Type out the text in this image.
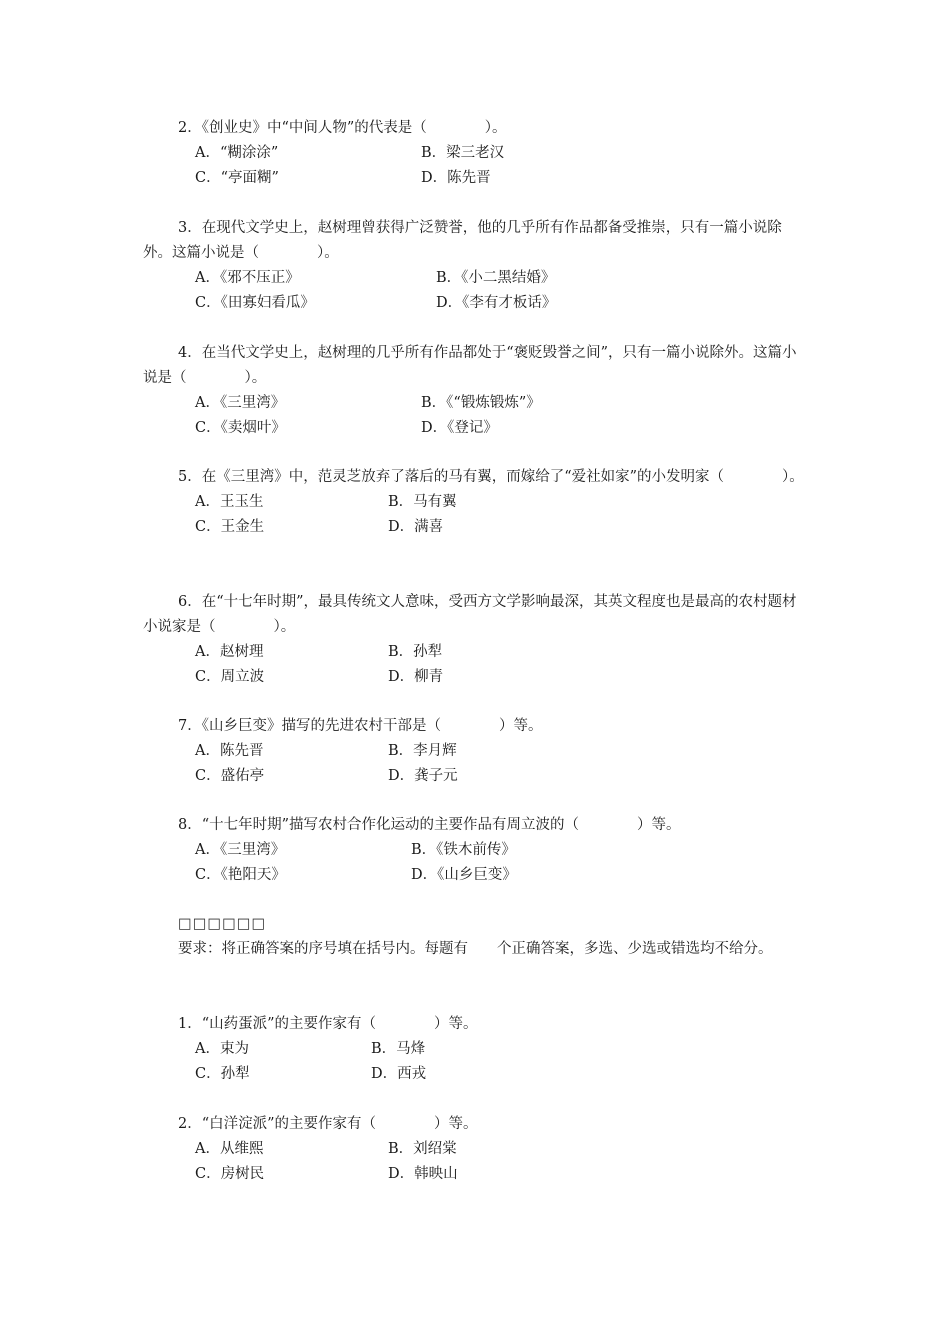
2．《创业史》中“中间人物”的代表是（　　　　）。
A．“糊涂涂”	B．梁三老汉
C．“亭面糊”	D．陈先晋
3．在现代文学史上，赵树理曾获得广泛赞誉，他的几乎所有作品都备受推崇，只有一篇小说除外。这篇小说是（　　　　）。
A．《邪不压正》	B．《小二黑结婚》
C．《田寡妇看瓜》	D．《李有才板话》
4．在当代文学史上，赵树理的几乎所有作品都处于“褒贬毁誉之间”，只有一篇小说除外。这篇小说是（　　　　）。
A．《三里湾》	B．《“锻炼锻炼”》
C．《卖烟叶》	D．《登记》
5．在《三里湾》中，范灵芝放弃了落后的马有翼，而嫁给了“爱社如家”的小发明家（　　　　）。
A．王玉生	B．马有翼
C．王金生	D．满喜
6．在“十七年时期”，最具传统文人意味，受西方文学影响最深，其英文程度也是最高的农村题材小说家是（　　　　）。
A．赵树理	B．孙犁
C．周立波	D．柳青
7．《山乡巨变》描写的先进农村干部是（　　　　）等。
A．陈先晋	B．李月辉
C．盛佑亭	D．龚子元
8．“十七年时期”描写农村合作化运动的主要作品有周立波的（　　　　）等。
A．《三里湾》	B．《铁木前传》
C．《艳阳天》	D．《山乡巨变》
□□□□□□
要求：将正确答案的序号填在括号内。每题有　　个正确答案，多选、少选或错选均不给分。
1．“山药蛋派”的主要作家有（　　　　）等。
A．束为	B．马烽
C．孙犁	D．西戎
2．“白洋淀派”的主要作家有（　　　　）等。
A．从维熙	B．刘绍棠
C．房树民	D．韩映山
